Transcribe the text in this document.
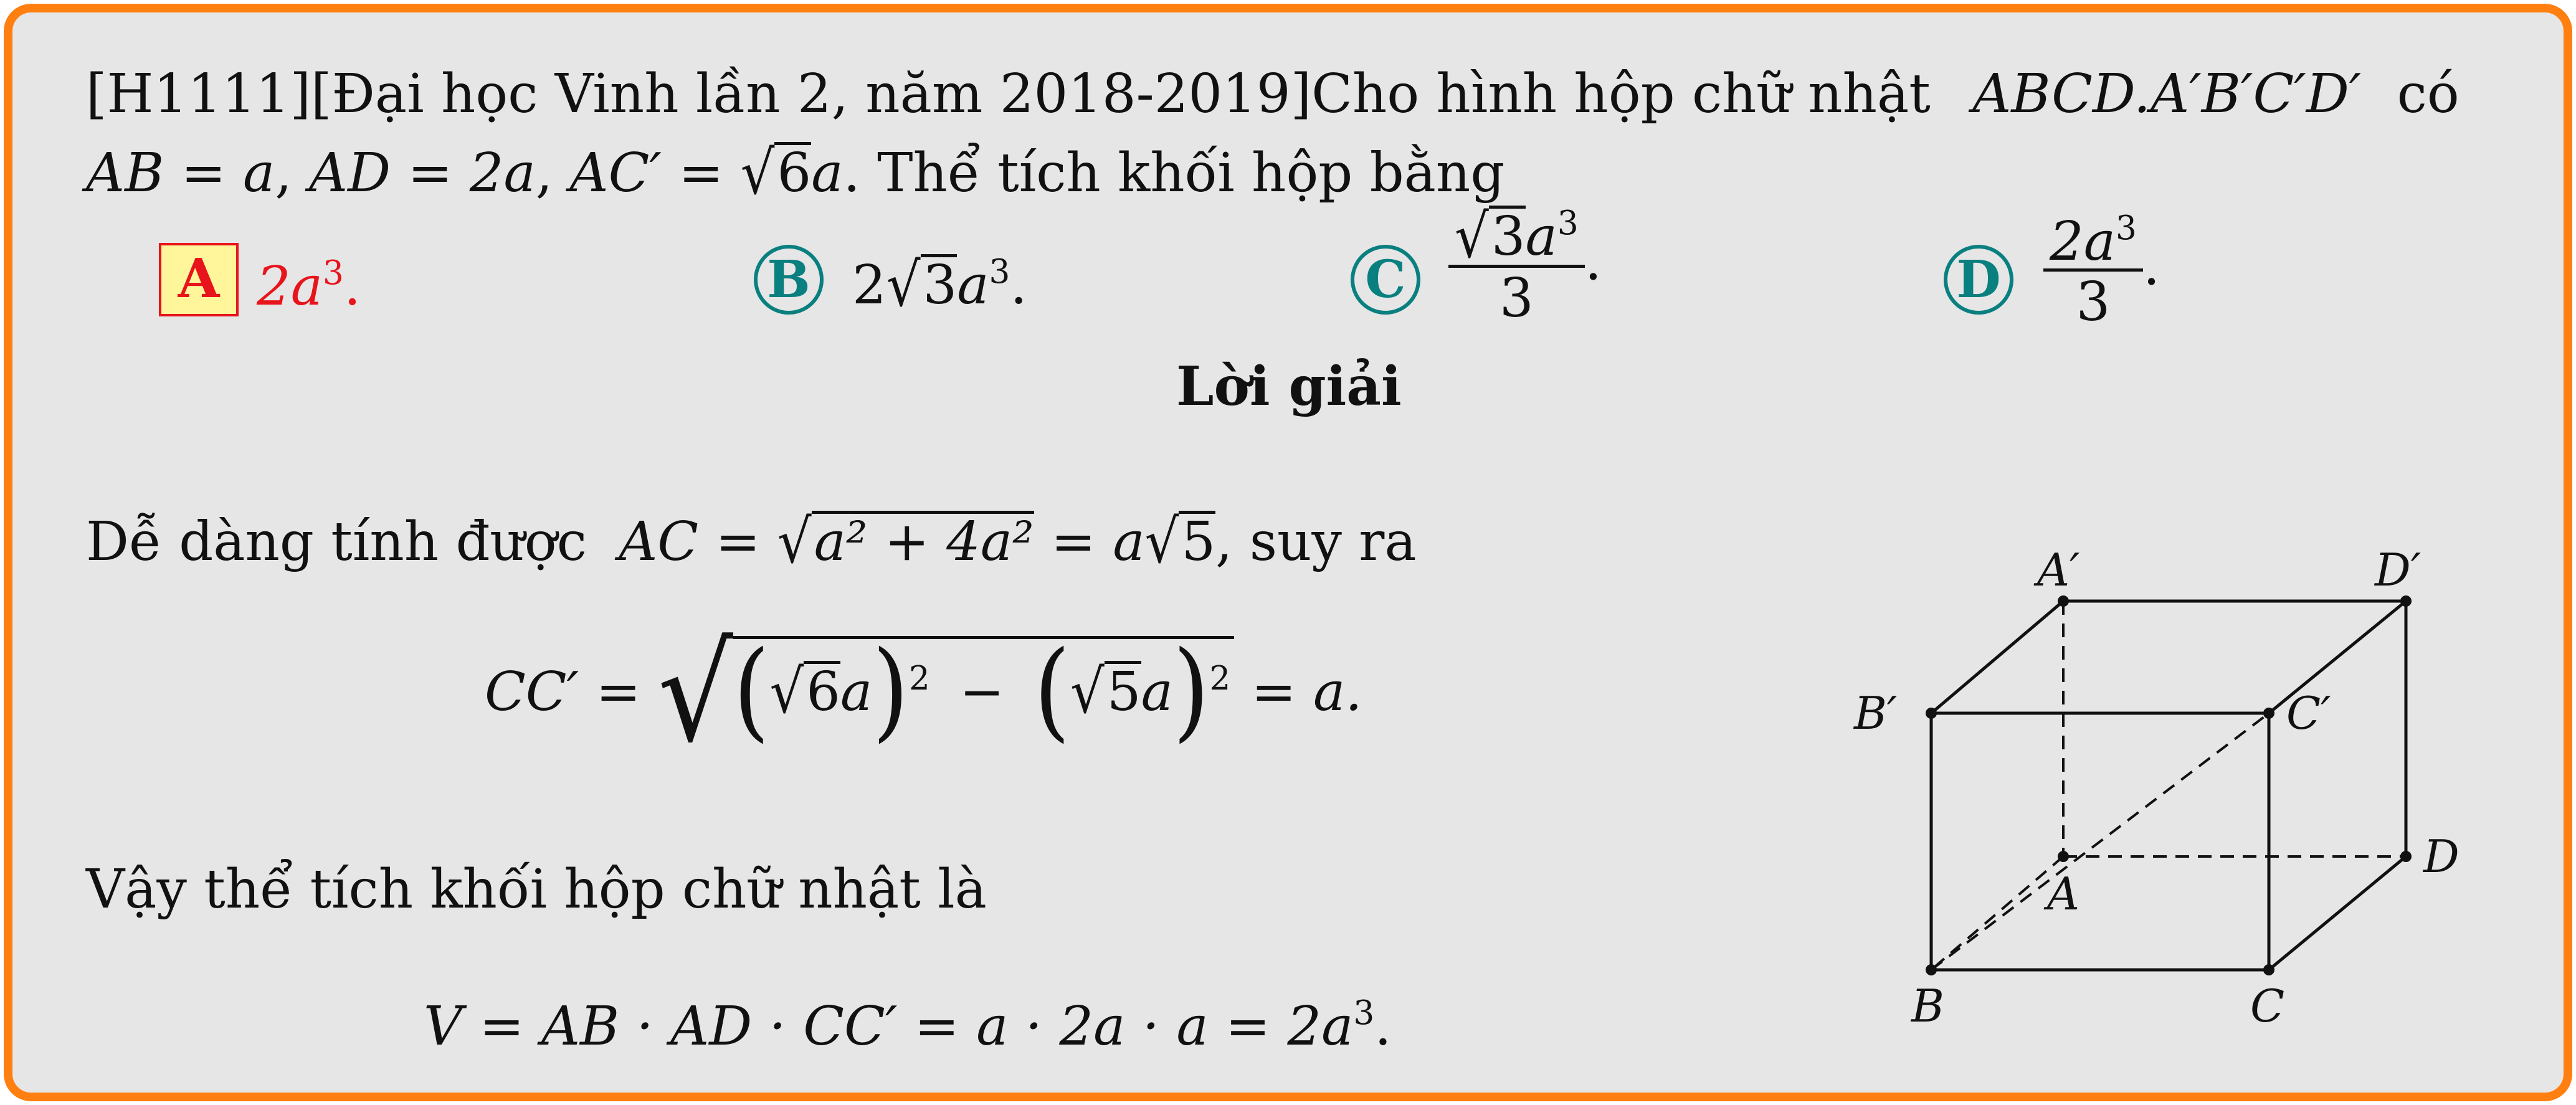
[H1111][Đại học Vinh lần 2, năm 2018-2019]Cho hình hộp chữ nhật ABCD.A′B′C′D′ có
AB = a, AD = 2a, AC′ = √6a. Thể tích khối hộp bằng
A $2a^3$.	B $2√3a^3$.	C $\frac{√3a^3}{3}$ .	D $\frac{2a^3}{3}$ .
Lời giải
Dễ dàng tính được AC = √a² + 4a² = a√5, suy ra
$CC' = √(√6a)^2 - (√5a)^2 = a$.
Vậy thể tích khối hộp chữ nhật là
V = AB · AD · $CC' = a \cdot 2a \cdot a = 2a^3$.
A′	D′
B′	C′
A
D
B	C
